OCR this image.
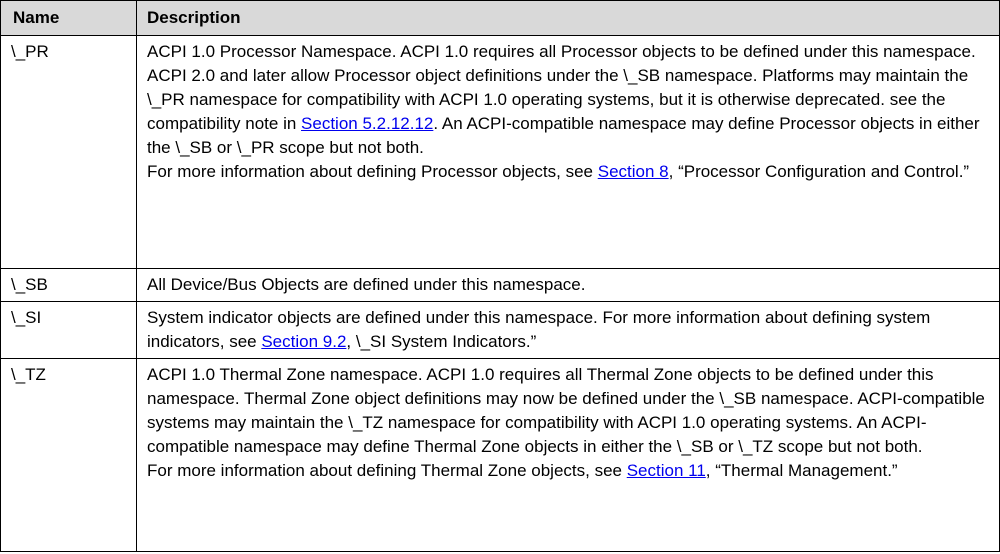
Name	Description
\_PR	ACPI 1.0 Processor Namespace. ACPI 1.0 requires all Processor objects to be defined under this namespace. ACPI 2.0 and later allow Processor object definitions under the \_SB namespace. Platforms may maintain the \_PR namespace for compatibility with ACPI 1.0 operating systems, but it is otherwise deprecated. see the compatibility note in Section 5.2.12.12. An ACPI-compatible namespace may define Processor objects in either the \_SB or \_PR scope but not both.
For more information about defining Processor objects, see Section 8, “Processor Configuration and Control.”

\_SB	All Device/Bus Objects are defined under this namespace.

\_SI	System indicator objects are defined under this namespace. For more information about defining system indicators, see Section 9.2, \_SI System Indicators.”

\_TZ	ACPI 1.0 Thermal Zone namespace. ACPI 1.0 requires all Thermal Zone objects to be defined under this namespace. Thermal Zone object definitions may now be defined under the \_SB namespace. ACPI-compatible systems may maintain the \_TZ namespace for compatibility with ACPI 1.0 operating systems. An ACPI-compatible namespace may define Thermal Zone objects in either the \_SB or \_TZ scope but not both.
For more information about defining Thermal Zone objects, see Section 11, “Thermal Management.”
